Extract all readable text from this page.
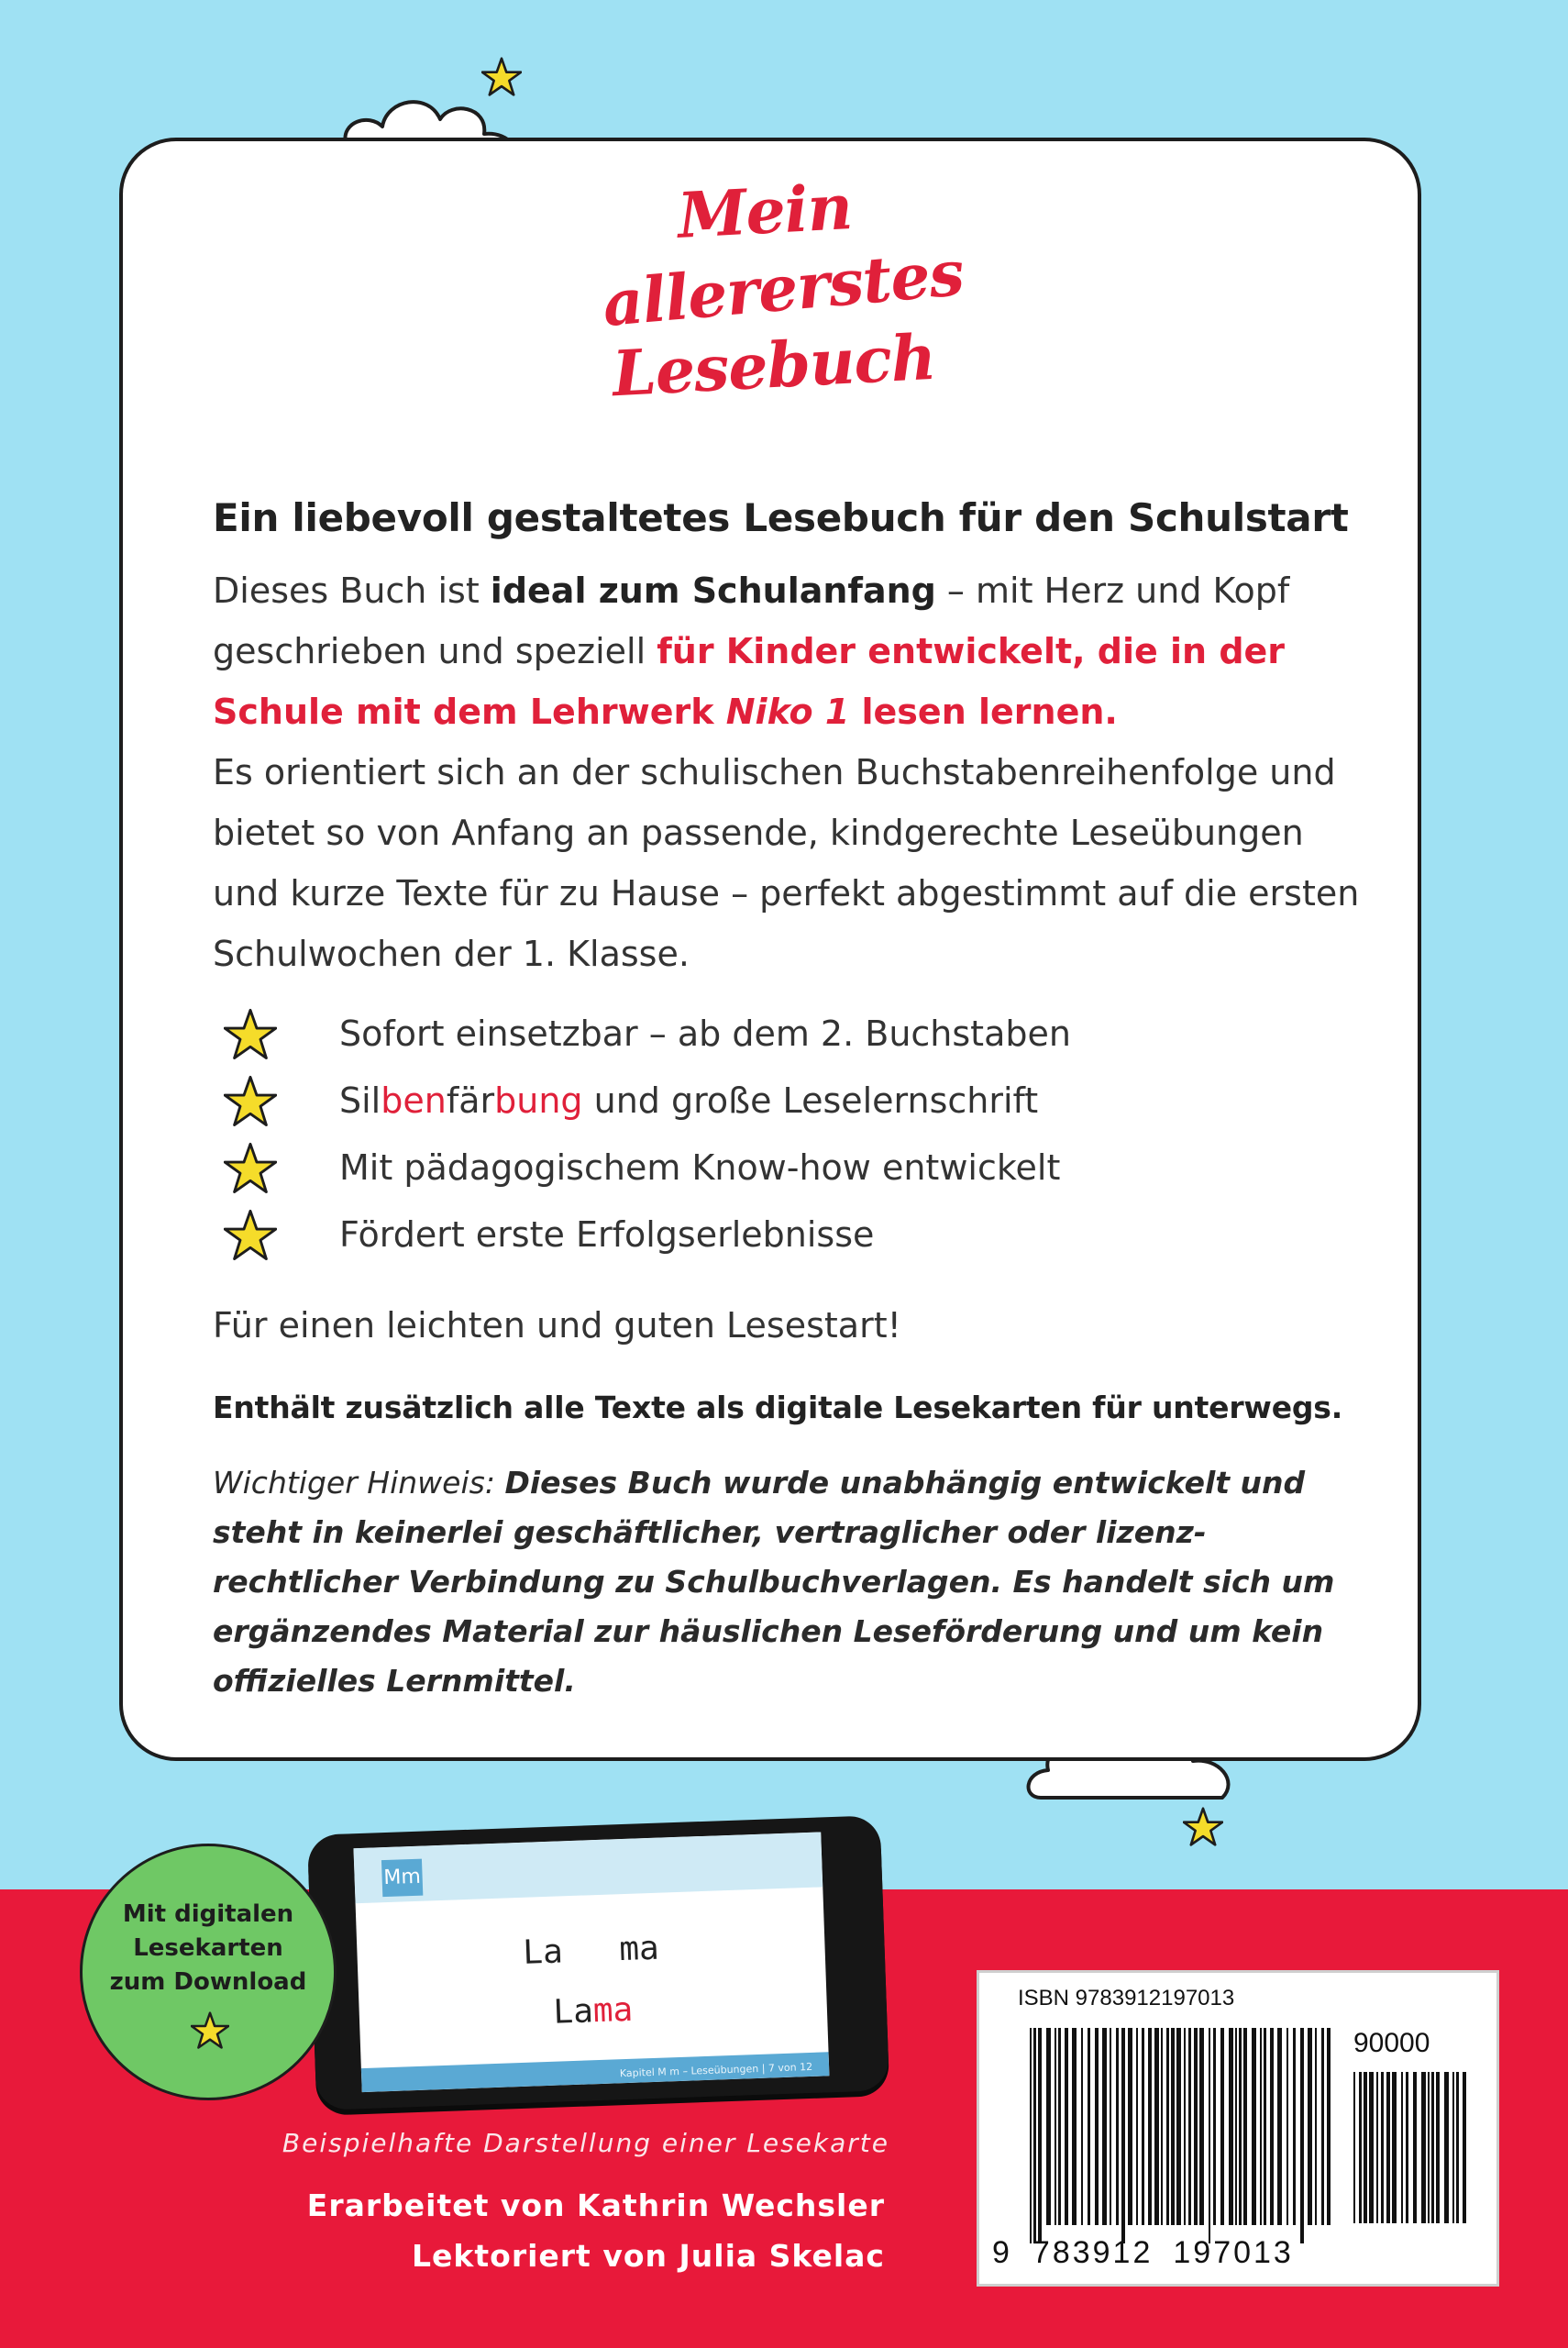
Mein
allererstes
Lesebuch
Ein liebevoll gestaltetes Lesebuch für den Schulstart

Dieses Buch ist ideal zum Schulanfang – mit Herz und Kopf geschrieben und speziell für Kinder entwickelt, die in der Schule mit dem Lehrwerk Niko 1 lesen lernen.

Es orientiert sich an der schulischen Buchstabenreihenfolge und bietet so von Anfang an passende, kindgerechte Leseübungen und kurze Texte für zu Hause – perfekt abgestimmt auf die ersten Schulwochen der 1. Klasse.

Sofort einsetzbar – ab dem 2. Buchstaben
Silbenfärbung und große Leselernschrift
Mit pädagogischem Know-how entwickelt
Fördert erste Erfolgserlebnisse

Für einen leichten und guten Lesestart!

Enthält zusätzlich alle Texte als digitale Lesekarten für unterwegs.

Wichtiger Hinweis: Dieses Buch wurde unabhängig entwickelt und steht in keinerlei geschäftlicher, vertraglicher oder lizenzrechtlicher Verbindung zu Schulbuchverlagen. Es handelt sich um ergänzendes Material zur häuslichen Leseförderung und um kein offizielles Lernmittel.

Mm
La ma
Lama
Kapitel M m – Leseübungen | 7 von 12
Mit digitalen
Lesekarten
zum Download
Beispielhafte Darstellung einer Lesekarte
Erarbeitet von Kathrin Wechsler
Lektoriert von Julia Skelac
ISBN 9783912197013
90000
9 783912 197013
